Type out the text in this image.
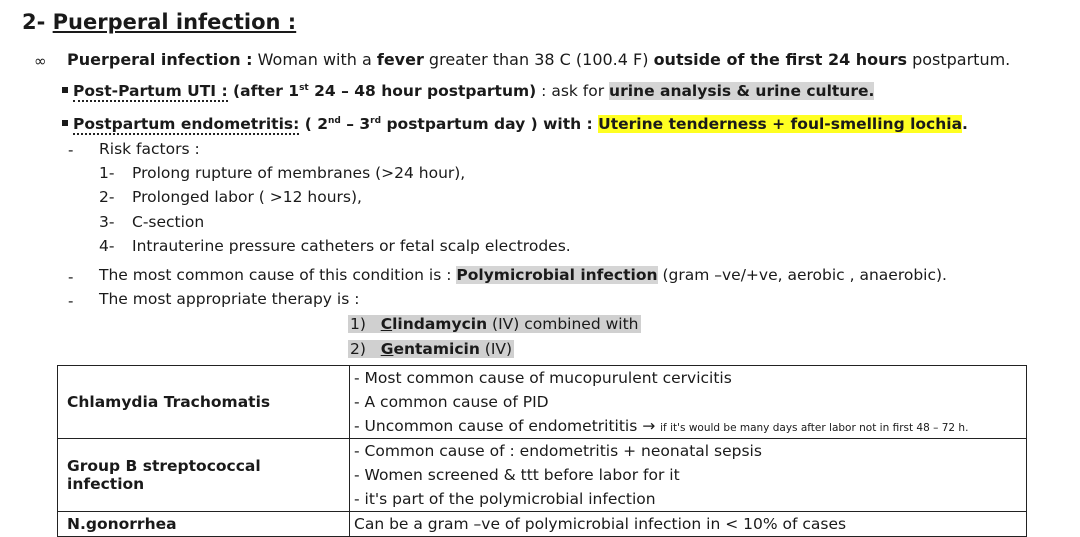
2- Puerperal infection :
∞ Puerperal infection : Woman with a fever greater than 38 C (100.4 F) outside of the first 24 hours postpartum.
Post-Partum UTI : (after 1st 24 – 48 hour postpartum) : ask for urine analysis & urine culture.
Postpartum endometritis: ( 2nd – 3rd postpartum day ) with : Uterine tenderness + foul-smelling lochia.
- Risk factors :
1- Prolong rupture of membranes (>24 hour),
2- Prolonged labor ( >12 hours),
3- C-section
4- Intrauterine pressure catheters or fetal scalp electrodes.
- The most common cause of this condition is : Polymicrobial infection (gram –ve/+ve, aerobic , anaerobic).
- The most appropriate therapy is :
1) Clindamycin (IV) combined with
2) Gentamicin (IV)
Chlamydia Trachomatis	- Most common cause of mucopurulent cervicitis
- A common cause of PID
- Uncommon cause of endometrititis → if it's would be many days after labor not in first 48 – 72 h.

Group B streptococcal infection	- Common cause of : endometritis + neonatal sepsis
- Women screened & ttt before labor for it
- it's part of the polymicrobial infection

N.gonorrhea	Can be a gram –ve of polymicrobial infection in < 10% of cases
